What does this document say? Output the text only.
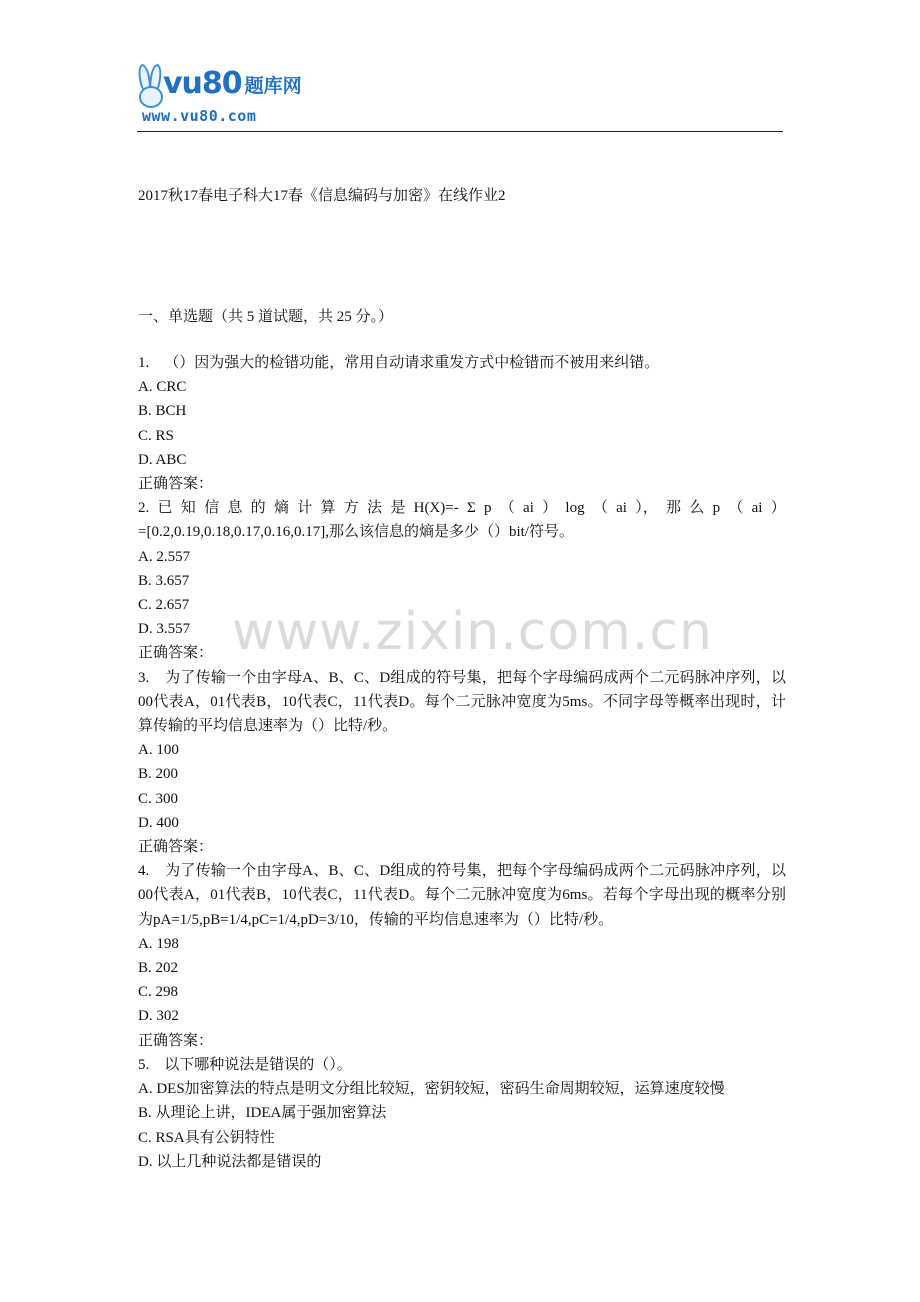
vu80 题库网
www.vu80.com
2017秋17春电子科大17春《信息编码与加密》在线作业2
一、单选题（共 5 道试题，共 25 分。）

1. （）因为强大的检错功能，常用自动请求重发方式中检错而不被用来纠错。

A. CRC

B. BCH

C. RS

D. ABC

正确答案：

2. 已 知 信 息 的 熵 计 算 方 法 是 H(X)=- Σ p （ ai ） log （ ai ）， 那 么 p （ ai ）

=[0.2,0.19,0.18,0.17,0.16,0.17],那么该信息的熵是多少（）bit/符号。

A. 2.557

B. 3.657

C. 2.657

D. 3.557

正确答案：

3. 为了传输一个由字母A、B、C、D组成的符号集，把每个字母编码成两个二元码脉冲序列，以00代表A，01代表B，10代表C，11代表D。每个二元脉冲宽度为5ms。不同字母等概率出现时，计算传输的平均信息速率为（）比特/秒。

A. 100

B. 200

C. 300

D. 400

正确答案：

4. 为了传输一个由字母A、B、C、D组成的符号集，把每个字母编码成两个二元码脉冲序列，以00代表A，01代表B，10代表C，11代表D。每个二元脉冲宽度为6ms。若每个字母出现的概率分别为pA=1/5,pB=1/4,pC=1/4,pD=3/10，传输的平均信息速率为（）比特/秒。

A. 198

B. 202

C. 298

D. 302

正确答案：

5. 以下哪种说法是错误的（）。

A. DES加密算法的特点是明文分组比较短，密钥较短，密码生命周期较短，运算速度较慢

B. 从理论上讲，IDEA属于强加密算法

C. RSA具有公钥特性

D. 以上几种说法都是错误的

www.zixin.com.cn
